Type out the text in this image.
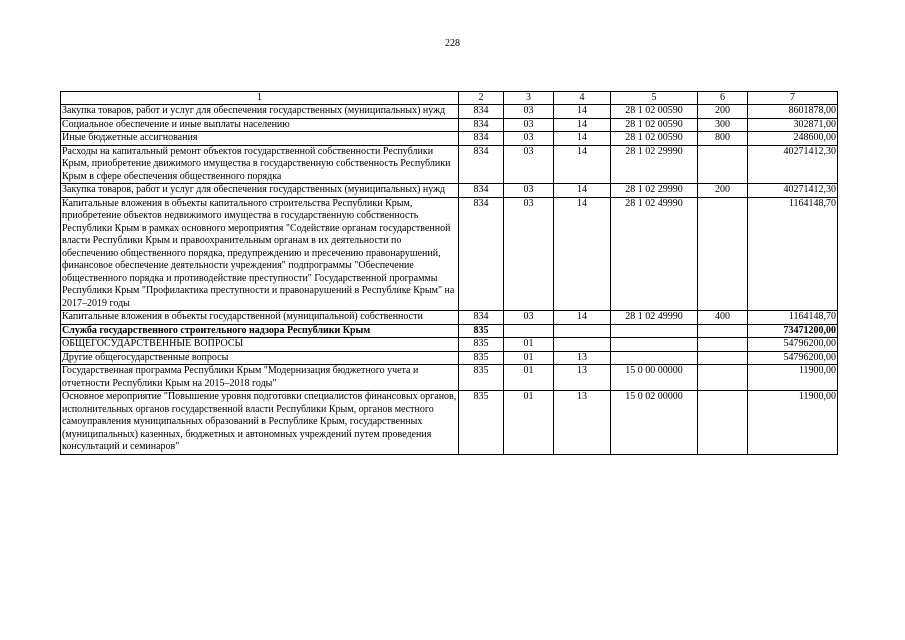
228
1	2	3	4	5	6	7
Закупка товаров, работ и услуг для обеспечения государственных (муниципальных) нужд	834	03	14	28 1 02 00590	200	8601878,00
Социальное обеспечение и иные выплаты населению	834	03	14	28 1 02 00590	300	302871,00
Иные бюджетные ассигнования	834	03	14	28 1 02 00590	800	248600,00
Расходы на капитальный ремонт объектов государственной собственности Республики Крым, приобретение движимого имущества в государственную собственность Республики Крым в сфере обеспечения общественного порядка	834	03	14	28 1 02 29990		40271412,30
Закупка товаров, работ и услуг для обеспечения государственных (муниципальных) нужд	834	03	14	28 1 02 29990	200	40271412,30
Капитальные вложения в объекты капитального строительства Республики Крым, приобретение объектов недвижимого имущества в государственную собственность Республики Крым в рамках основного мероприятия "Содействие органам государственной власти Республики Крым и правоохранительным органам в их деятельности по обеспечению общественного порядка, предупреждению и пресечению правонарушений, финансовое обеспечение деятельности учреждения" подпрограммы "Обеспечение общественного порядка и противодействие преступности" Государственной программы Республики Крым "Профилактика преступности и правонарушений в Республике Крым" на 2017–2019 годы	834	03	14	28 1 02 49990		1164148,70
Капитальные вложения в объекты государственной (муниципальной) собственности	834	03	14	28 1 02 49990	400	1164148,70
Служба государственного строительного надзора Республики Крым	835					73471200,00
ОБЩЕГОСУДАРСТВЕННЫЕ ВОПРОСЫ	835	01				54796200,00
Другие общегосударственные вопросы	835	01	13			54796200,00
Государственная программа Республики Крым "Модернизация бюджетного учета и отчетности Республики Крым на 2015–2018 годы"	835	01	13	15 0 00 00000		11900,00
Основное мероприятие "Повышение уровня подготовки специалистов финансовых органов, исполнительных органов государственной власти Республики Крым, органов местного самоуправления муниципальных образований в Республике Крым, государственных (муниципальных) казенных, бюджетных и автономных учреждений путем проведения консультаций и семинаров"	835	01	13	15 0 02 00000		11900,00
